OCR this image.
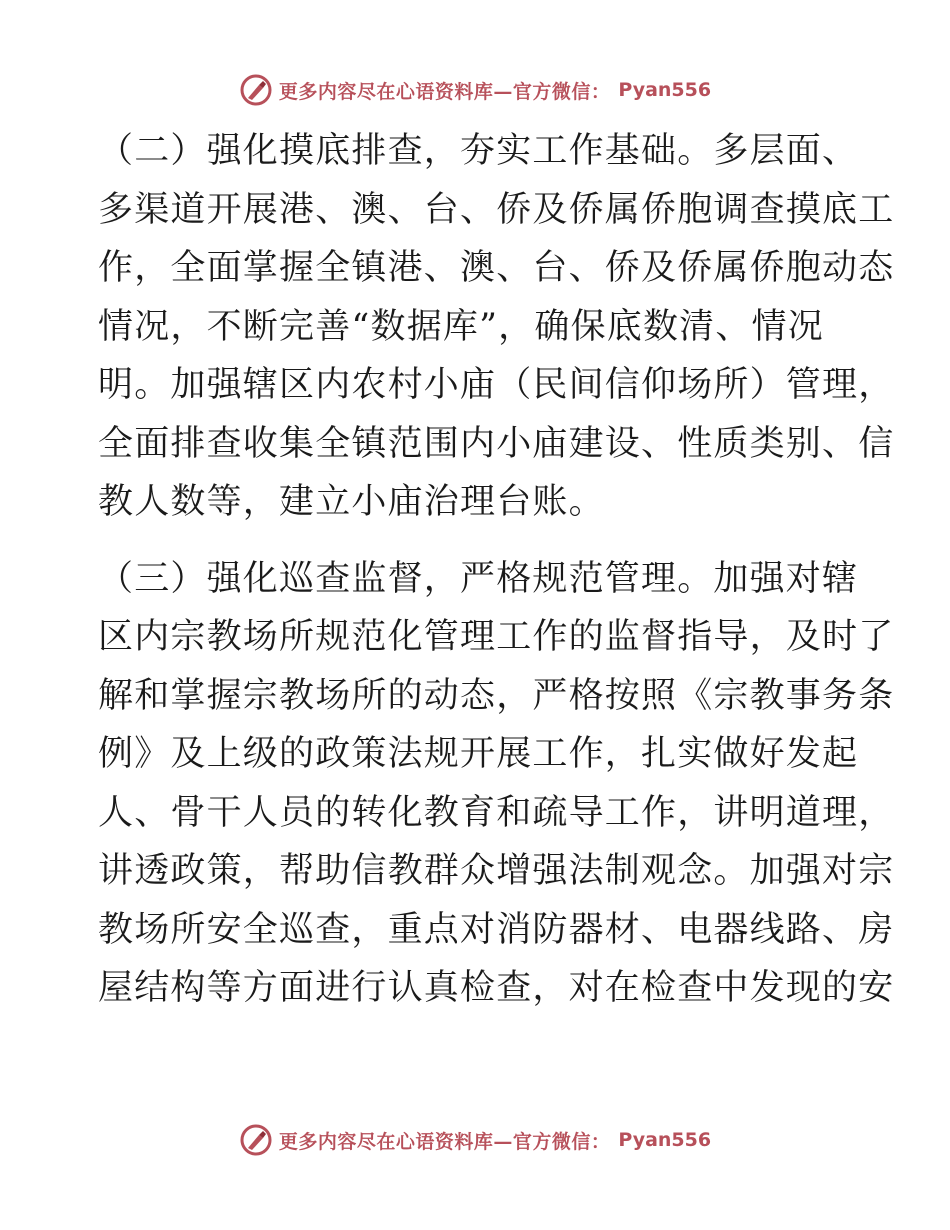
更多内容尽在心语资料库—官方微信： Pyan556

（二）强化摸底排查，夯实工作基础。多层面、
多渠道开展港、澳、台、侨及侨属侨胞调查摸底工
作，全面掌握全镇港、澳、台、侨及侨属侨胞动态
情况，不断完善“数据库”，确保底数清、情况
明。加强辖区内农村小庙（民间信仰场所）管理，
全面排查收集全镇范围内小庙建设、性质类别、信
教人数等，建立小庙治理台账。

（三）强化巡查监督，严格规范管理。加强对辖
区内宗教场所规范化管理工作的监督指导，及时了
解和掌握宗教场所的动态，严格按照《宗教事务条
例》及上级的政策法规开展工作，扎实做好发起
人、骨干人员的转化教育和疏导工作，讲明道理，
讲透政策，帮助信教群众增强法制观念。加强对宗
教场所安全巡查，重点对消防器材、电器线路、房
屋结构等方面进行认真检查，对在检查中发现的安

更多内容尽在心语资料库—官方微信： Pyan556
